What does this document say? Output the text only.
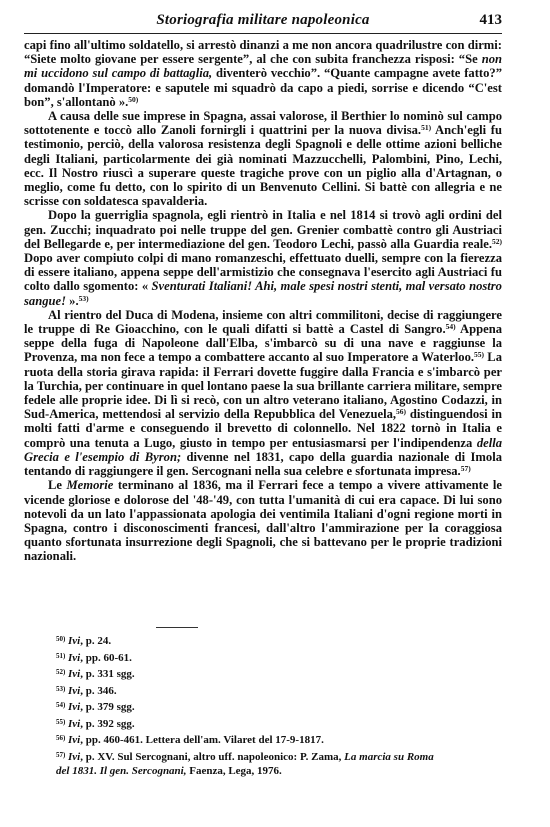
Storiografia militare napoleonica	413

capi fino all'ultimo soldatello, si arrestò dinanzi a me non ancora quadrilustre con dirmi: “Siete molto giovane per essere sergente”, al che con subita franchezza risposi: “Se non mi uccidono sul campo di battaglia, diventerò vecchio”. “Quante campagne avete fatto?” domandò l'Imperatore: e saputele mi squadrò da capo a piedi, sorrise e dicendo “C'est bon”, s'allontanò ».$^{50)}$

A causa delle sue imprese in Spagna, assai valorose, il Berthier lo nominò sul campo sottotenente e toccò allo Zanoli fornirgli i quattrini per la nuova divisa.$^{51)}$ Anch'egli fu testimonio, perciò, della valorosa resistenza degli Spagnoli e delle ottime azioni belliche degli Italiani, particolarmente dei già nominati Mazzucchelli, Palombini, Pino, Lechi, ecc. Il Nostro riuscì a superare queste tragiche prove con un piglio alla d'Artagnan, o meglio, come fu detto, con lo spirito di un Benvenuto Cellini. Si battè con allegria e ne scrisse con soldatesca spavalderia.

Dopo la guerriglia spagnola, egli rientrò in Italia e nel 1814 si trovò agli ordini del gen. Zucchi; inquadrato poi nelle truppe del gen. Grenier combattè contro gli Austriaci del Bellegarde e, per intermediazione del gen. Teodoro Lechi, passò alla Guardia reale.$^{52)}$ Dopo aver compiuto colpi di mano romanzeschi, effettuato duelli, sempre con la fierezza di essere italiano, appena seppe dell'armistizio che consegnava l'esercito agli Austriaci fu colto dallo sgomento: « Sventurati Italiani! Ahi, male spesi nostri stenti, mal versato nostro sangue! ».$^{53)}$

Al rientro del Duca di Modena, insieme con altri commilitoni, decise di raggiungere le truppe di Re Gioacchino, con le quali difatti si battè a Castel di Sangro.$^{54)}$ Appena seppe della fuga di Napoleone dall'Elba, s'imbarcò su di una nave e raggiunse la Provenza, ma non fece a tempo a combattere accanto al suo Imperatore a Waterloo.$^{55)}$ La ruota della storia girava rapida: il Ferrari dovette fuggire dalla Francia e s'imbarcò per la Turchia, per continuare in quel lontano paese la sua brillante carriera militare, sempre fedele alle proprie idee. Di lì si recò, con un altro veterano italiano, Agostino Codazzi, in Sud-America, mettendosi al servizio della Repubblica del Venezuela,$^{56)}$ distinguendosi in molti fatti d'arme e conseguendo il brevetto di colonnello. Nel 1822 tornò in Italia e comprò una tenuta a Lugo, giusto in tempo per entusiasmarsi per l'indipendenza della Grecia e l'esempio di Byron; divenne nel 1831, capo della guardia nazionale di Imola tentando di raggiungere il gen. Sercognani nella sua celebre e sfortunata impresa.$^{57)}$

Le Memorie terminano al 1836, ma il Ferrari fece a tempo a vivere attivamente le vicende gloriose e dolorose del '48-'49, con tutta l'umanità di cui era capace. Di lui sono notevoli da un lato l'appassionata apologia dei ventimila Italiani d'ogni regione morti in Spagna, contro i disconoscimenti francesi, dall'altro l'ammirazione per la coraggiosa quanto sfortunata insurrezione degli Spagnoli, che si battevano per le proprie tradizioni nazionali.

50) Ivi, p. 24.
51) Ivi, pp. 60-61.
52) Ivi, p. 331 sgg.
53) Ivi, p. 346.
54) Ivi, p. 379 sgg.
55) Ivi, p. 392 sgg.
56) Ivi, pp. 460-461. Lettera dell'am. Vilaret del 17-9-1817.
57) Ivi, p. XV. Sul Sercognani, altro uff. napoleonico: P. Zama, La marcia su Roma
del 1831. Il gen. Sercognani, Faenza, Lega, 1976.
